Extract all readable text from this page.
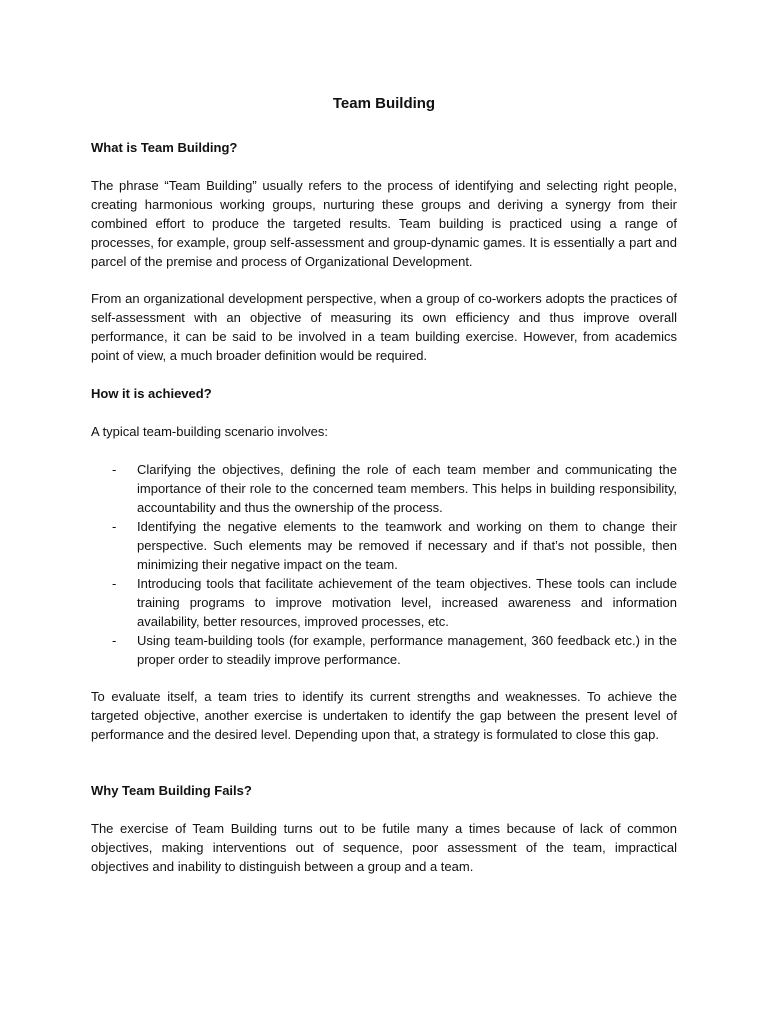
Team Building
What is Team Building?

The phrase “Team Building” usually refers to the process of identifying and selecting right people, creating harmonious working groups, nurturing these groups and deriving a synergy from their combined effort to produce the targeted results. Team building is practiced using a range of processes, for example, group self-assessment and group-dynamic games. It is essentially a part and parcel of the premise and process of Organizational Development.

From an organizational development perspective, when a group of co-workers adopts the practices of self-assessment with an objective of measuring its own efficiency and thus improve overall performance, it can be said to be involved in a team building exercise. However, from academics point of view, a much broader definition would be required.

How it is achieved?

A typical team-building scenario involves:

- Clarifying the objectives, defining the role of each team member and communicating the importance of their role to the concerned team members. This helps in building responsibility, accountability and thus the ownership of the process.
- Identifying the negative elements to the teamwork and working on them to change their perspective. Such elements may be removed if necessary and if that’s not possible, then minimizing their negative impact on the team.
- Introducing tools that facilitate achievement of the team objectives. These tools can include training programs to improve motivation level, increased awareness and information availability, better resources, improved processes, etc.
- Using team-building tools (for example, performance management, 360 feedback etc.) in the proper order to steadily improve performance.

To evaluate itself, a team tries to identify its current strengths and weaknesses. To achieve the targeted objective, another exercise is undertaken to identify the gap between the present level of performance and the desired level. Depending upon that, a strategy is formulated to close this gap.

Why Team Building Fails?

The exercise of Team Building turns out to be futile many a times because of lack of common objectives, making interventions out of sequence, poor assessment of the team, impractical objectives and inability to distinguish between a group and a team.
